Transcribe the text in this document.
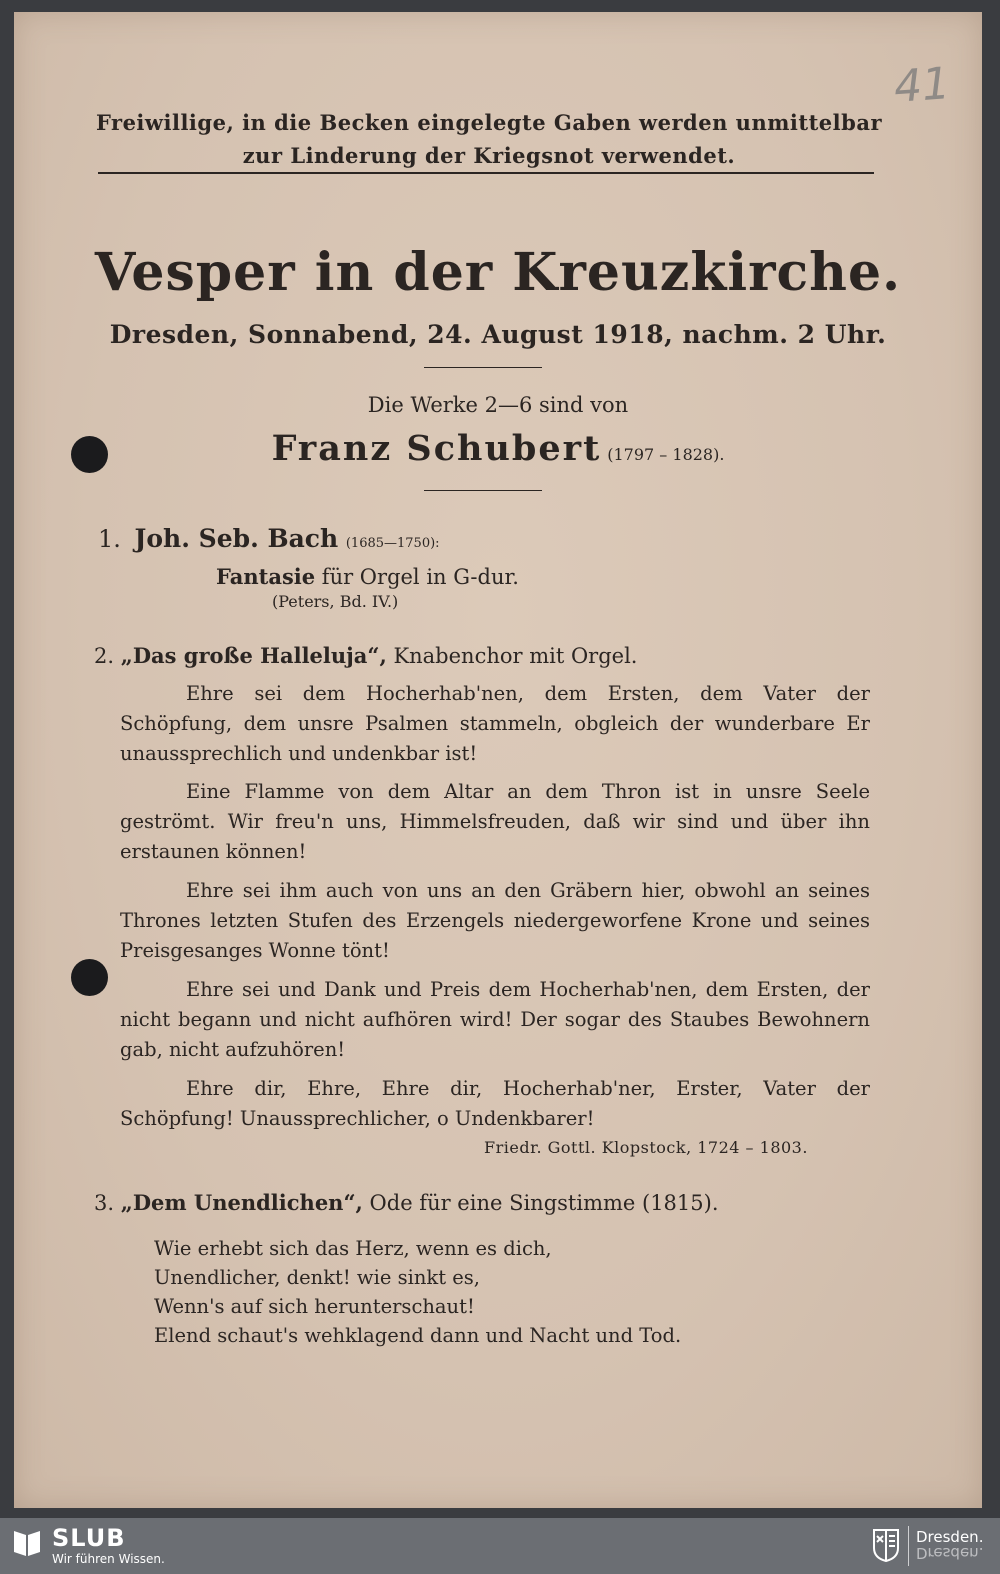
41
Freiwillige, in die Becken eingelegte Gaben werden unmittelbar
zur Linderung der Kriegsnot verwendet.
Vesper in der Kreuzkirche.
Dresden, Sonnabend, 24. August 1918, nachm. 2 Uhr.
Die Werke 2—6 sind von
Franz Schubert (1797 – 1828).
1. Joh. Seb. Bach (1685—1750):
Fantasie für Orgel in G-dur.
(Peters, Bd. IV.)
2. „Das große Halleluja“, Knabenchor mit Orgel.
Ehre sei dem Hocherhab'nen, dem Ersten, dem Vater der Schöpfung, dem unsre Psalmen stammeln, obgleich der wunderbare Er unaussprechlich und undenkbar ist!
Eine Flamme von dem Altar an dem Thron ist in unsre Seele geströmt. Wir freu'n uns, Himmelsfreuden, daß wir sind und über ihn erstaunen können!
Ehre sei ihm auch von uns an den Gräbern hier, obwohl an seines Thrones letzten Stufen des Erzengels niedergeworfene Krone und seines Preisgesanges Wonne tönt!
Ehre sei und Dank und Preis dem Hocherhab'nen, dem Ersten, der nicht begann und nicht aufhören wird! Der sogar des Staubes Bewohnern gab, nicht aufzuhören!
Ehre dir, Ehre, Ehre dir, Hocherhab'ner, Erster, Vater der Schöpfung! Unaussprechlicher, o Undenkbarer!
Friedr. Gottl. Klopstock, 1724 – 1803.
3. „Dem Unendlichen“, Ode für eine Singstimme (1815).
Wie erhebt sich das Herz, wenn es dich,
Unendlicher, denkt! wie sinkt es,
Wenn's auf sich herunterschaut!
Elend schaut's wehklagend dann und Nacht und Tod.
SLUB
Wir führen Wissen.
Dresden.
Dresden.
